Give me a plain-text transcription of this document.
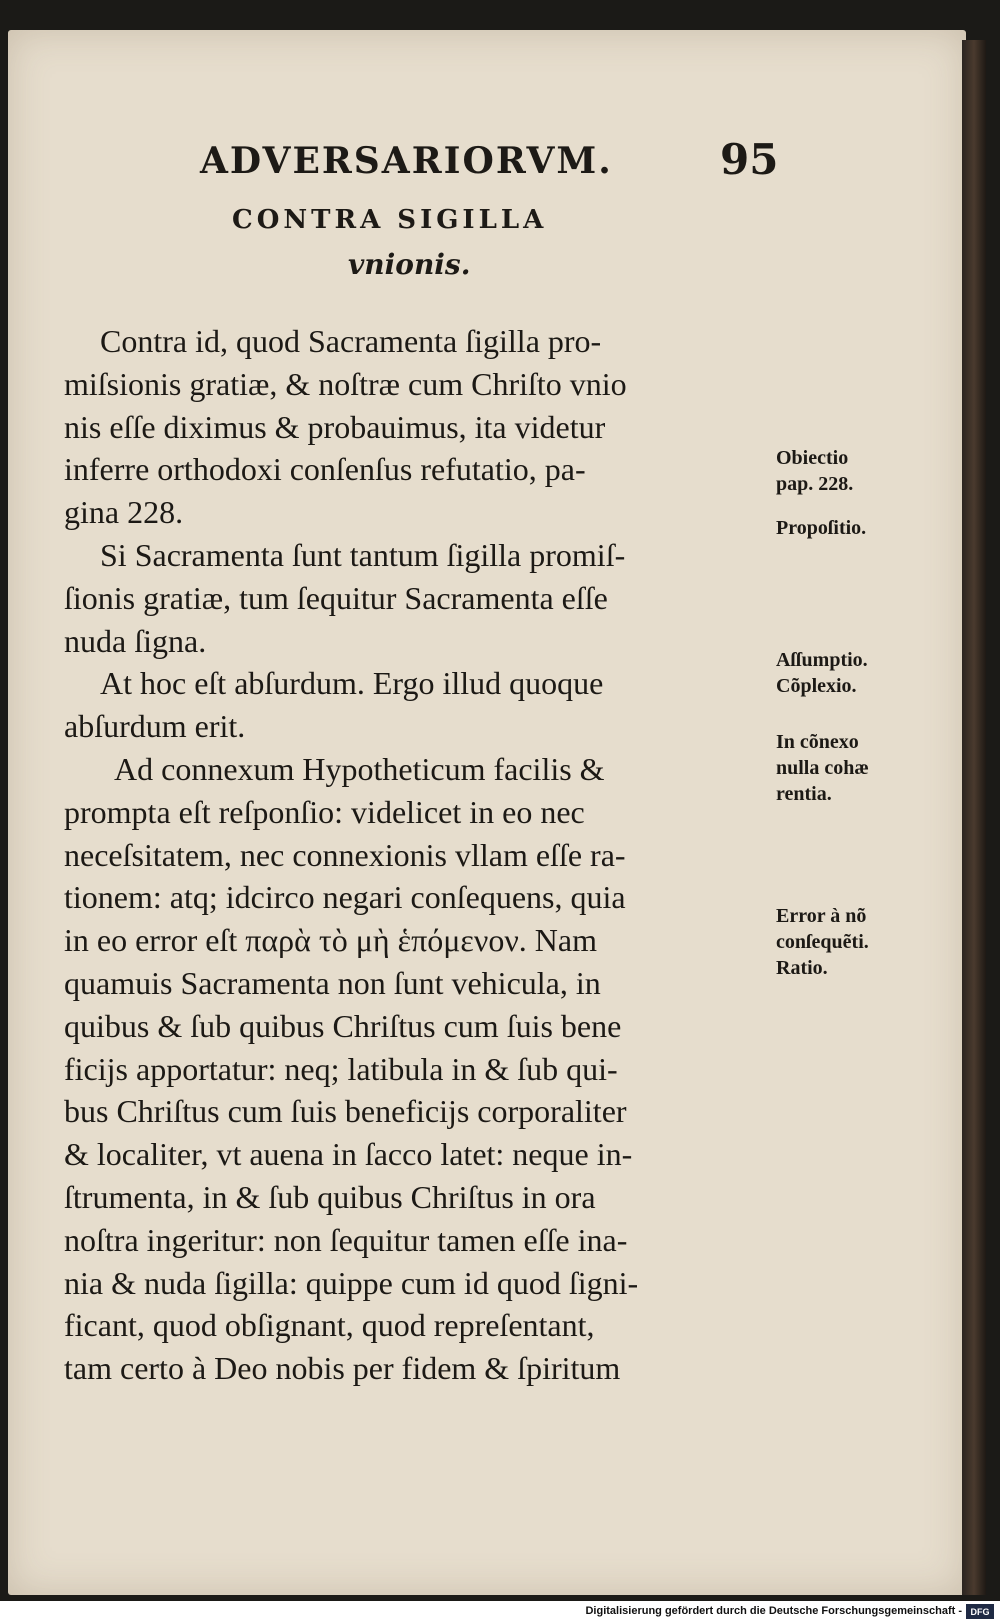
ADVERSARIORVM.	95
CONTRA SIGILLA
vnionis.
Contra id, quod Sacramenta ſigilla pro-
miſsionis gratiæ, & noſtræ cum Chriſto vnio
nis eſſe diximus & probauimus, ita videtur
inferre orthodoxi conſenſus refutatio, pa-
gina 228.
Si Sacramenta ſunt tantum ſigilla promiſ-
ſionis gratiæ, tum ſequitur Sacramenta eſſe
nuda ſigna.
At hoc eſt abſurdum. Ergo illud quoque
abſurdum erit.
Ad connexum Hypotheticum facilis &
prompta eſt reſponſio: videlicet in eo nec
neceſsitatem, nec connexionis vllam eſſe ra-
tionem: atq; idcirco negari conſequens, quia
in eo error eſt παρὰ τὸ μὴ ἑπόμενον. Nam
quamuis Sacramenta non ſunt vehicula, in
quibus & ſub quibus Chriſtus cum ſuis bene
ficijs apportatur: neq; latibula in & ſub qui-
bus Chriſtus cum ſuis beneficijs corporaliter
& localiter, vt auena in ſacco latet: neque in-
ſtrumenta, in & ſub quibus Chriſtus in ora
noſtra ingeritur: non ſequitur tamen eſſe ina-
nia & nuda ſigilla: quippe cum id quod ſigni-
ficant, quod obſignant, quod repreſentant,
tam certo à Deo nobis per fidem & ſpiritum
Obiectio
pap. 228.
Propoſitio.
Aſſumptio.
Cõplexio.
In cõnexo
nulla cohæ
rentia.
Error à nõ
conſequẽti.
Ratio.
Digitalisierung gefördert durch die Deutsche Forschungsgemeinschaft - DFG
